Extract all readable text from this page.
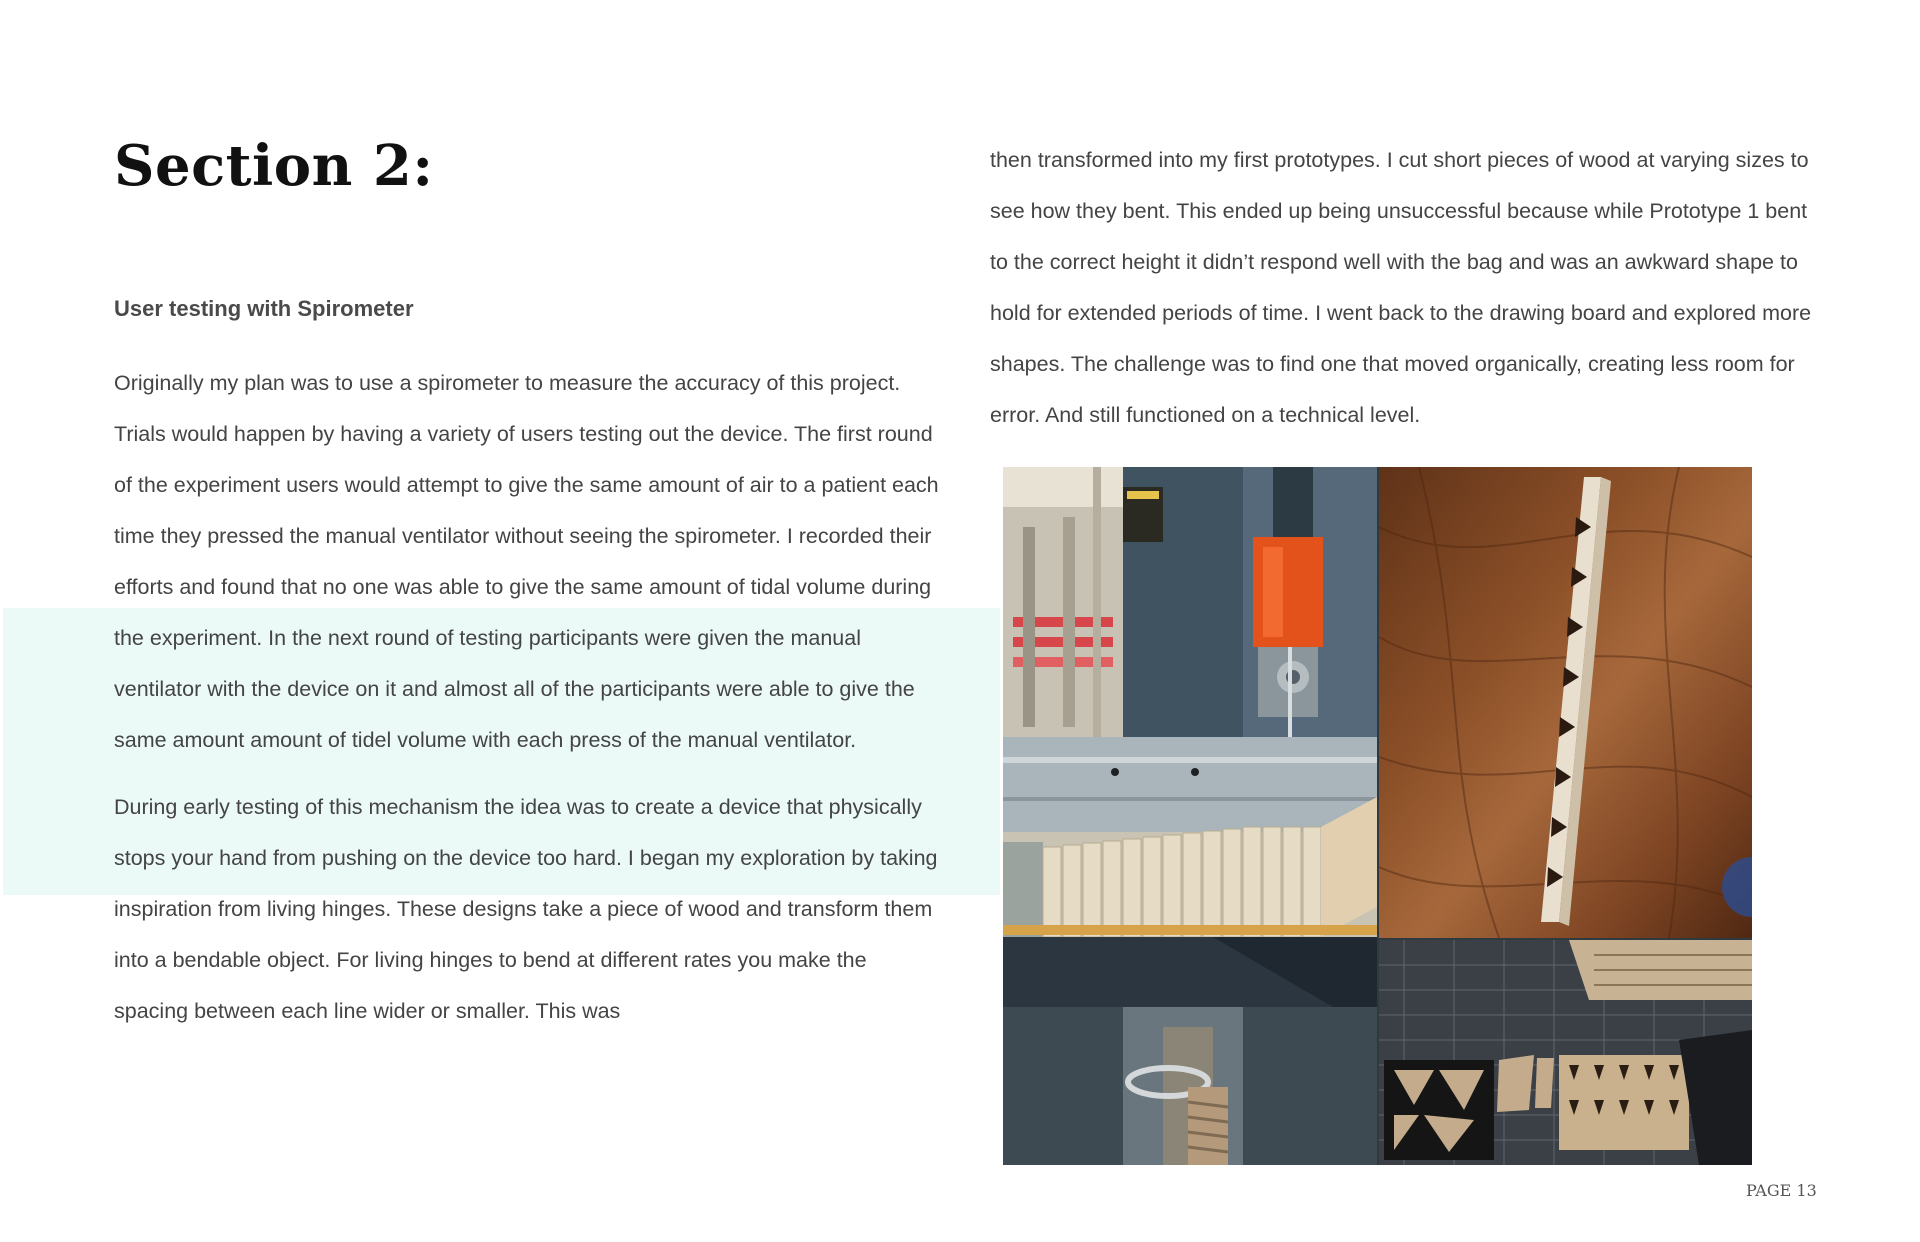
Section 2:
User testing with Spirometer

Originally my plan was to use a spirometer to measure the accuracy of this project. Trials would happen by having a variety of users testing out the device. The first round of the experiment users would attempt to give the same amount of air to a patient each time they pressed the manual ventilator without seeing the spirometer. I recorded their efforts and found that no one was able to give the same amount of tidal volume during the experiment. In the next round of testing participants were given the manual ventilator with the device on it and almost all of the participants were able to give the same amount amount of tidel volume with each press of the manual ventilator.

During early testing of this mechanism the idea was to create a device that physically stops your hand from pushing on the device too hard. I began my exploration by taking inspiration from living hinges. These designs take a piece of wood and transform them into a bendable object. For living hinges to bend at different rates you make the spacing between each line wider or smaller. This was

then transformed into my first prototypes. I cut short pieces of wood at varying sizes to see how they bent. This ended up being unsuccessful because while Prototype 1 bent to the correct height it didn’t respond well with the bag and was an awkward shape to hold for extended periods of time. I went back to the drawing board and explored more shapes. The challenge was to find one that moved organically, creating less room for error. And still functioned on a technical level.

PAGE 13
